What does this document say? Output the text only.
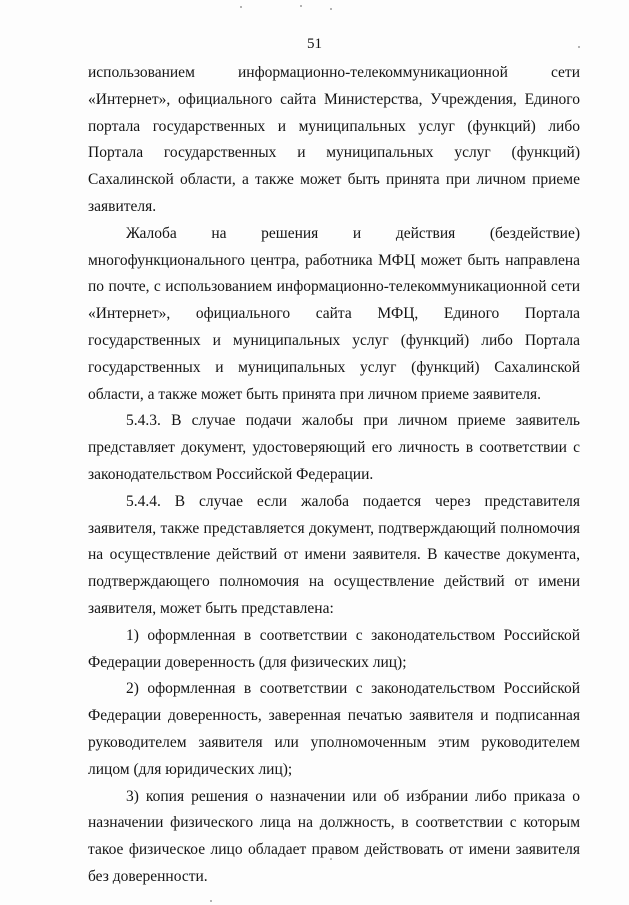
51

использованием информационно-телекоммуникационной сети «Интернет», официального сайта Министерства, Учреждения, Единого портала государственных и муниципальных услуг (функций) либо Портала государственных и муниципальных услуг (функций) Сахалинской области, а также может быть принята при личном приеме заявителя.

Жалоба на решения и действия (бездействие) многофункционального центра, работника МФЦ может быть направлена по почте, с использованием информационно-телекоммуникационной сети «Интернет», официального сайта МФЦ, Единого Портала государственных и муниципальных услуг (функций) либо Портала государственных и муниципальных услуг (функций) Сахалинской области, а также может быть принята при личном приеме заявителя.

5.4.3. В случае подачи жалобы при личном приеме заявитель представляет документ, удостоверяющий его личность в соответствии с законодательством Российской Федерации.

5.4.4. В случае если жалоба подается через представителя заявителя, также представляется документ, подтверждающий полномочия на осуществление действий от имени заявителя. В качестве документа, подтверждающего полномочия на осуществление действий от имени заявителя, может быть представлена:

1) оформленная в соответствии с законодательством Российской Федерации доверенность (для физических лиц);

2) оформленная в соответствии с законодательством Российской Федерации доверенность, заверенная печатью заявителя и подписанная руководителем заявителя или уполномоченным этим руководителем лицом (для юридических лиц);

3) копия решения о назначении или об избрании либо приказа о назначении физического лица на должность, в соответствии с которым такое физическое лицо обладает правом действовать от имени заявителя без доверенности.
